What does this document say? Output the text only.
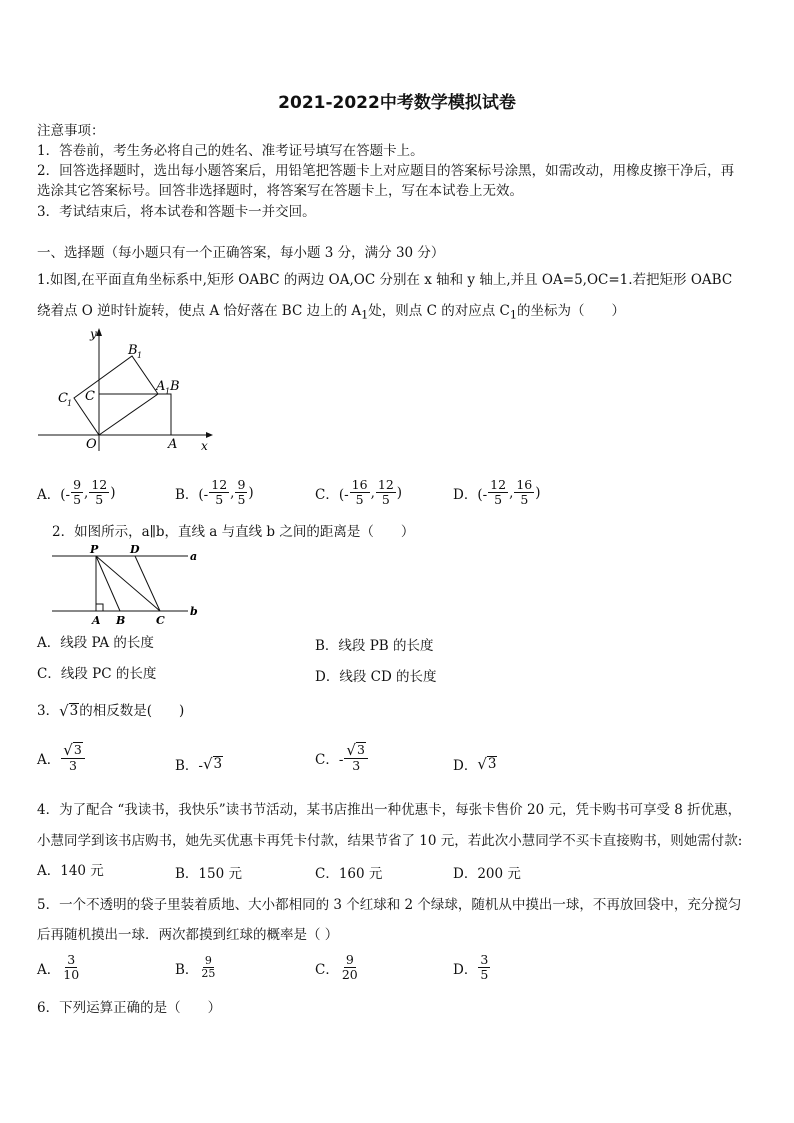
2021-2022中考数学模拟试卷
注意事项：
1．答卷前，考生务必将自己的姓名、准考证号填写在答题卡上。
2．回答选择题时，选出每小题答案后，用铅笔把答题卡上对应题目的答案标号涂黑，如需改动，用橡皮擦干净后，再
选涂其它答案标号。回答非选择题时，将答案写在答题卡上，写在本试卷上无效。
3．考试结束后，将本试卷和答题卡一并交回。
一、选择题（每小题只有一个正确答案，每小题 3 分，满分 30 分）
1.如图,在平面直角坐标系中,矩形 OABC 的两边 OA,OC 分别在 x 轴和 y 轴上,并且 OA=5,OC=1.若把矩形 OABC
绕着点 O 逆时针旋转，使点 A 恰好落在 BC 边上的 $A_1$处，则点 C 的对应点 $C_1$的坐标为（　　）
y
x
O	A
C
C 1
B 1
A 1 B
A．(- $\frac{9}{5}$ , $\frac{12}{5}$ )	B．(- $\frac{12}{5}$ , $\frac{9}{5}$ )	C．(- $\frac{16}{5}$ , $\frac{12}{5}$ )	D．(- $\frac{12}{5}$ , $\frac{16}{5}$ )
2．如图所示，a∥b，直线 a 与直线 b 之间的距离是（　　）
P	D
a
A B	C
b
A．线段 PA 的长度	B．线段 PB 的长度
C．线段 PC 的长度	D．线段 CD 的长度
3． √ 3 的相反数是(　　)
A． $\frac{√ 3}{3}$	B．- √ 3	C．- $\frac{√ 3}{3}$	D． √ 3
4．为了配合 “我读书，我快乐”读书节活动，某书店推出一种优惠卡，每张卡售价 20 元，凭卡购书可享受 8 折优惠，
小慧同学到该书店购书，她先买优惠卡再凭卡付款，结果节省了 10 元，若此次小慧同学不买卡直接购书，则她需付款:
A．140 元	B．150 元	C．160 元	D．200 元
5．一个不透明的袋子里装着质地、大小都相同的 3 个红球和 2 个绿球，随机从中摸出一球，不再放回袋中，充分搅匀
后再随机摸出一球．两次都摸到红球的概率是（ ）
A． $\frac{3}{10}$	B． $\frac{9}{25}$	C． $\frac{9}{20}$	D． $\frac{3}{5}$
6．下列运算正确的是（　　）
